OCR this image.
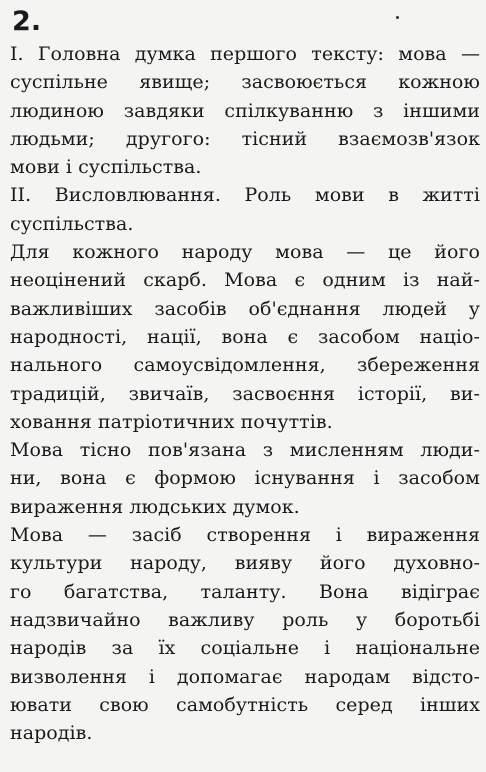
2.
I. Головна думка першого тексту: мова —
суспільне явище; засвоюється кожною
людиною завдяки спілкуванню з іншими
людьми; другого: тісний взаємозв'язок
мови і суспільства.
II. Висловлювання. Роль мови в житті
суспільства.
Для кожного народу мова — це його
неоцінений скарб. Мова є одним із най-
важливіших засобів об'єднання людей у
народності, нації, вона є засобом націо-
нального самоусвідомлення, збереження
традицій, звичаїв, засвоєння історії, ви-
ховання патріотичних почуттів.
Мова тісно пов'язана з мисленням люди-
ни, вона є формою існування і засобом
вираження людських думок.
Мова — засіб створення і вираження
культури народу, вияву його духовно-
го багатства, таланту. Вона відіграє
надзвичайно важливу роль у боротьбі
народів за їх соціальне і національне
визволення і допомагає народам відсто-
ювати свою самобутність серед інших
народів.
